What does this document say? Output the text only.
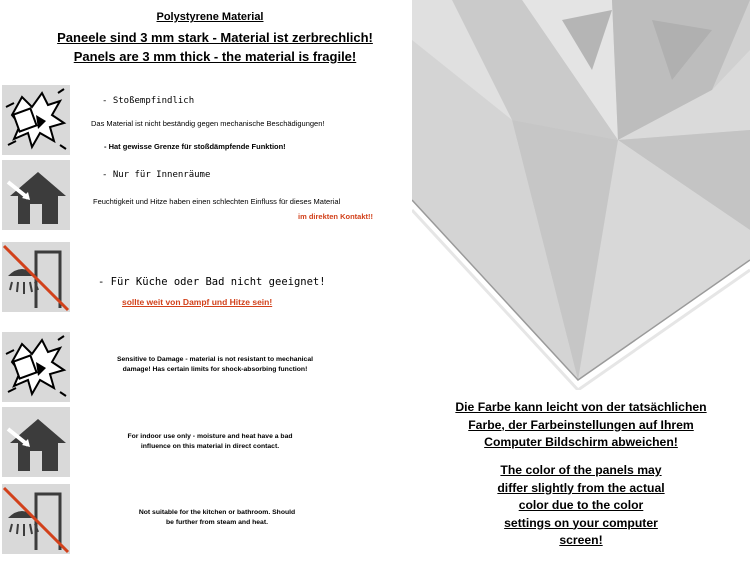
Polystyrene Material
Paneele sind 3 mm stark - Material ist zerbrechlich!
Panels are 3 mm thick - the material is fragile!
- Stoßempfindlich
Das Material ist nicht beständig gegen mechanische Beschädigungen!
- Hat gewisse Grenze für stoßdämpfende Funktion!
- Nur für Innenräume
Feuchtigkeit und Hitze haben einen schlechten Einfluss für dieses Material
im direkten Kontakt!!
- Für Küche oder Bad nicht geeignet!
sollte weit von Dampf und Hitze sein!
Sensitive to Damage - material is not resistant to mechanical
damage! Has certain limits for shock-absorbing function!
For indoor use only - moisture and heat have a bad
influence on this material in direct contact.
Not suitable for the kitchen or bathroom. Should
be further from steam and heat.
Die Farbe kann leicht von der tatsächlichen
Farbe, der Farbeinstellungen auf Ihrem
Computer Bildschirm abweichen!
The color of the panels may
differ slightly from the actual
color due to the color
settings on your computer
screen!
